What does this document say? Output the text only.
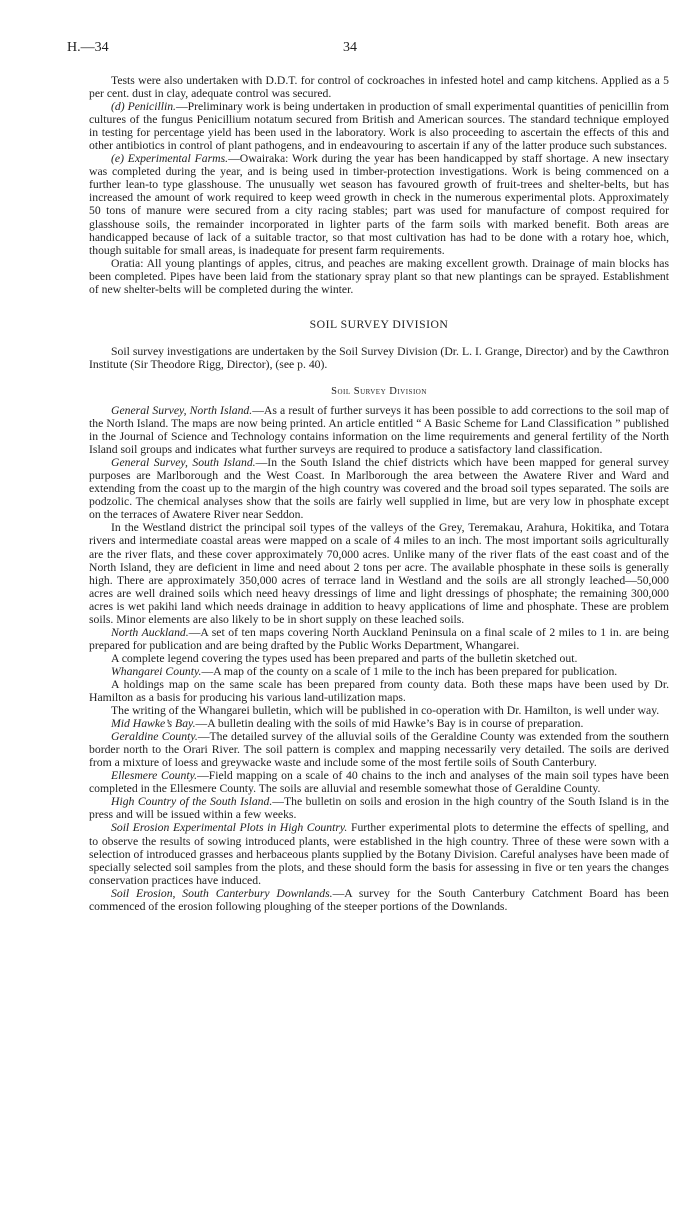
H.—34	34

Tests were also undertaken with D.D.T. for control of cockroaches in infested hotel and camp kitchens. Applied as a 5 per cent. dust in clay, adequate control was secured.

(d) Penicillin.—Preliminary work is being undertaken in production of small experimental quantities of penicillin from cultures of the fungus Penicillium notatum secured from British and American sources. The standard technique employed in testing for percentage yield has been used in the laboratory. Work is also proceeding to ascertain the effects of this and other antibiotics in control of plant pathogens, and in endeavouring to ascertain if any of the latter produce such substances.

(e) Experimental Farms.—Owairaka: Work during the year has been handicapped by staff shortage. A new insectary was completed during the year, and is being used in timber-protection investigations. Work is being commenced on a further lean-to type glasshouse. The unusually wet season has favoured growth of fruit-trees and shelter-belts, but has increased the amount of work required to keep weed growth in check in the numerous experimental plots. Approximately 50 tons of manure were secured from a city racing stables; part was used for manufacture of compost required for glasshouse soils, the remainder incorporated in lighter parts of the farm soils with marked benefit. Both areas are handicapped because of lack of a suitable tractor, so that most cultivation has had to be done with a rotary hoe, which, though suitable for small areas, is inadequate for present farm requirements.

Oratia: All young plantings of apples, citrus, and peaches are making excellent growth. Drainage of main blocks has been completed. Pipes have been laid from the stationary spray plant so that new plantings can be sprayed. Establishment of new shelter-belts will be completed during the winter.

SOIL SURVEY DIVISION

Soil survey investigations are undertaken by the Soil Survey Division (Dr. L. I. Grange, Director) and by the Cawthron Institute (Sir Theodore Rigg, Director), (see p. 40).

Soil Survey Division

General Survey, North Island.—As a result of further surveys it has been possible to add corrections to the soil map of the North Island. The maps are now being printed. An article entitled “ A Basic Scheme for Land Classification ” published in the Journal of Science and Technology contains information on the lime requirements and general fertility of the North Island soil groups and indicates what further surveys are required to produce a satisfactory land classification.

General Survey, South Island.—In the South Island the chief districts which have been mapped for general survey purposes are Marlborough and the West Coast. In Marlborough the area between the Awatere River and Ward and extending from the coast up to the margin of the high country was covered and the broad soil types separated. The soils are podzolic. The chemical analyses show that the soils are fairly well supplied in lime, but are very low in phosphate except on the terraces of Awatere River near Seddon.

In the Westland district the principal soil types of the valleys of the Grey, Teremakau, Arahura, Hokitika, and Totara rivers and intermediate coastal areas were mapped on a scale of 4 miles to an inch. The most important soils agriculturally are the river flats, and these cover approximately 70,000 acres. Unlike many of the river flats of the east coast and of the North Island, they are deficient in lime and need about 2 tons per acre. The available phosphate in these soils is generally high. There are approximately 350,000 acres of terrace land in Westland and the soils are all strongly leached—50,000 acres are well drained soils which need heavy dressings of lime and light dressings of phosphate; the remaining 300,000 acres is wet pakihi land which needs drainage in addition to heavy applications of lime and phosphate. These are problem soils. Minor elements are also likely to be in short supply on these leached soils.

North Auckland.—A set of ten maps covering North Auckland Peninsula on a final scale of 2 miles to 1 in. are being prepared for publication and are being drafted by the Public Works Department, Whangarei.

A complete legend covering the types used has been prepared and parts of the bulletin sketched out.

Whangarei County.—A map of the county on a scale of 1 mile to the inch has been prepared for publication.

A holdings map on the same scale has been prepared from county data. Both these maps have been used by Dr. Hamilton as a basis for producing his various land-utilization maps.

The writing of the Whangarei bulletin, which will be published in co-operation with Dr. Hamilton, is well under way.

Mid Hawke’s Bay.—A bulletin dealing with the soils of mid Hawke’s Bay is in course of preparation.

Geraldine County.—The detailed survey of the alluvial soils of the Geraldine County was extended from the southern border north to the Orari River. The soil pattern is complex and mapping necessarily very detailed. The soils are derived from a mixture of loess and greywacke waste and include some of the most fertile soils of South Canterbury.

Ellesmere County.—Field mapping on a scale of 40 chains to the inch and analyses of the main soil types have been completed in the Ellesmere County. The soils are alluvial and resemble somewhat those of Geraldine County.

High Country of the South Island.—The bulletin on soils and erosion in the high country of the South Island is in the press and will be issued within a few weeks.

Soil Erosion Experimental Plots in High Country. Further experimental plots to determine the effects of spelling, and to observe the results of sowing introduced plants, were established in the high country. Three of these were sown with a selection of introduced grasses and herbaceous plants supplied by the Botany Division. Careful analyses have been made of specially selected soil samples from the plots, and these should form the basis for assessing in five or ten years the changes conservation practices have induced.

Soil Erosion, South Canterbury Downlands.—A survey for the South Canterbury Catchment Board has been commenced of the erosion following ploughing of the steeper portions of the Downlands.
